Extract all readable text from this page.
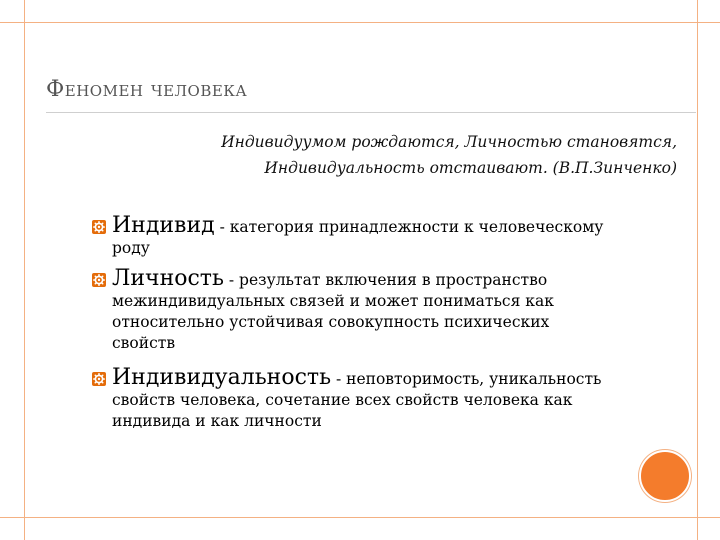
Феномен человека
Индивидуумом рождаются, Личностью становятся,
Индивидуальность отстаивают. (В.П.Зинченко)
Индивид - категория принадлежности к человеческому
роду
Личность - результат включения в пространство
межиндивидуальных связей и может пониматься как
относительно устойчивая совокупность психических
свойств
Индивидуальность - неповторимость, уникальность
свойств человека, сочетание всех свойств человека как
индивида и как личности
